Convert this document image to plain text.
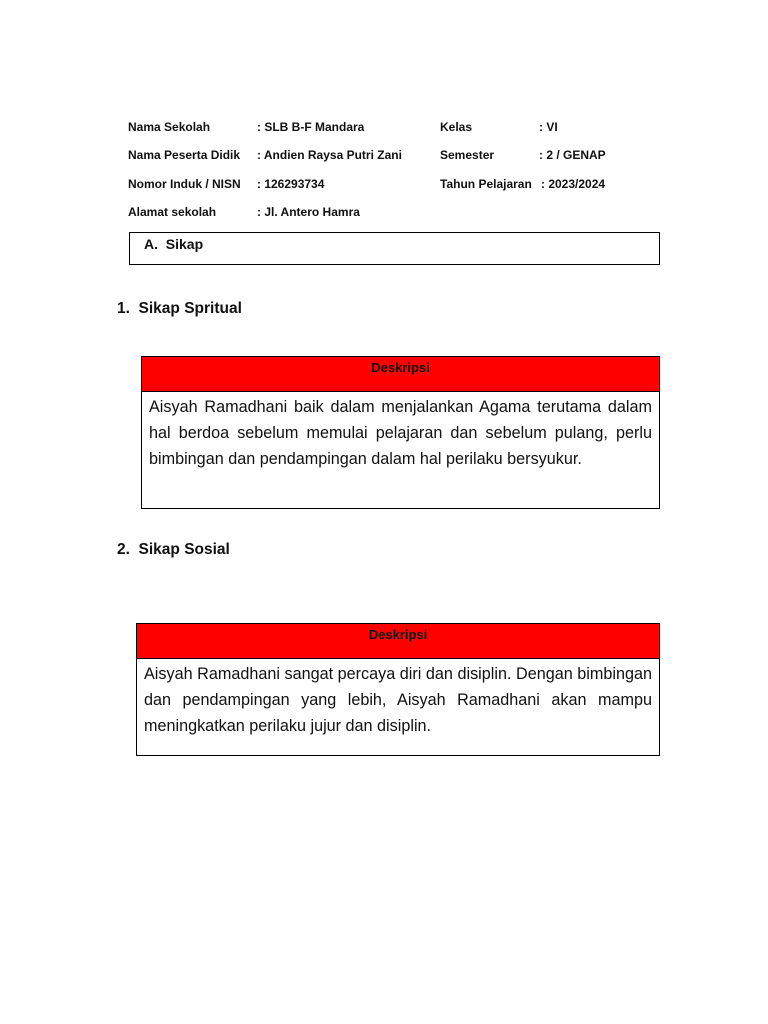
Nama Sekolah	: SLB B-F Mandara	Kelas	: VI
Nama Peserta Didik : Andien Raysa Putri Zani	Semester	: 2 / GENAP
Nomor Induk / NISN : 126293734	Tahun Pelajaran : 2023/2024
Alamat sekolah	: Jl. Antero Hamra
A.  Sikap
1.  Sikap Spritual
Deskripsi
Aisyah Ramadhani baik dalam menjalankan Agama terutama dalam hal berdoa sebelum memulai pelajaran dan sebelum pulang, perlu bimbingan dan pendampingan dalam hal perilaku bersyukur.
2.  Sikap Sosial
Deskripsi
Aisyah Ramadhani sangat percaya diri dan disiplin. Dengan bimbingan dan pendampingan yang lebih, Aisyah Ramadhani akan mampu meningkatkan perilaku jujur dan disiplin.
